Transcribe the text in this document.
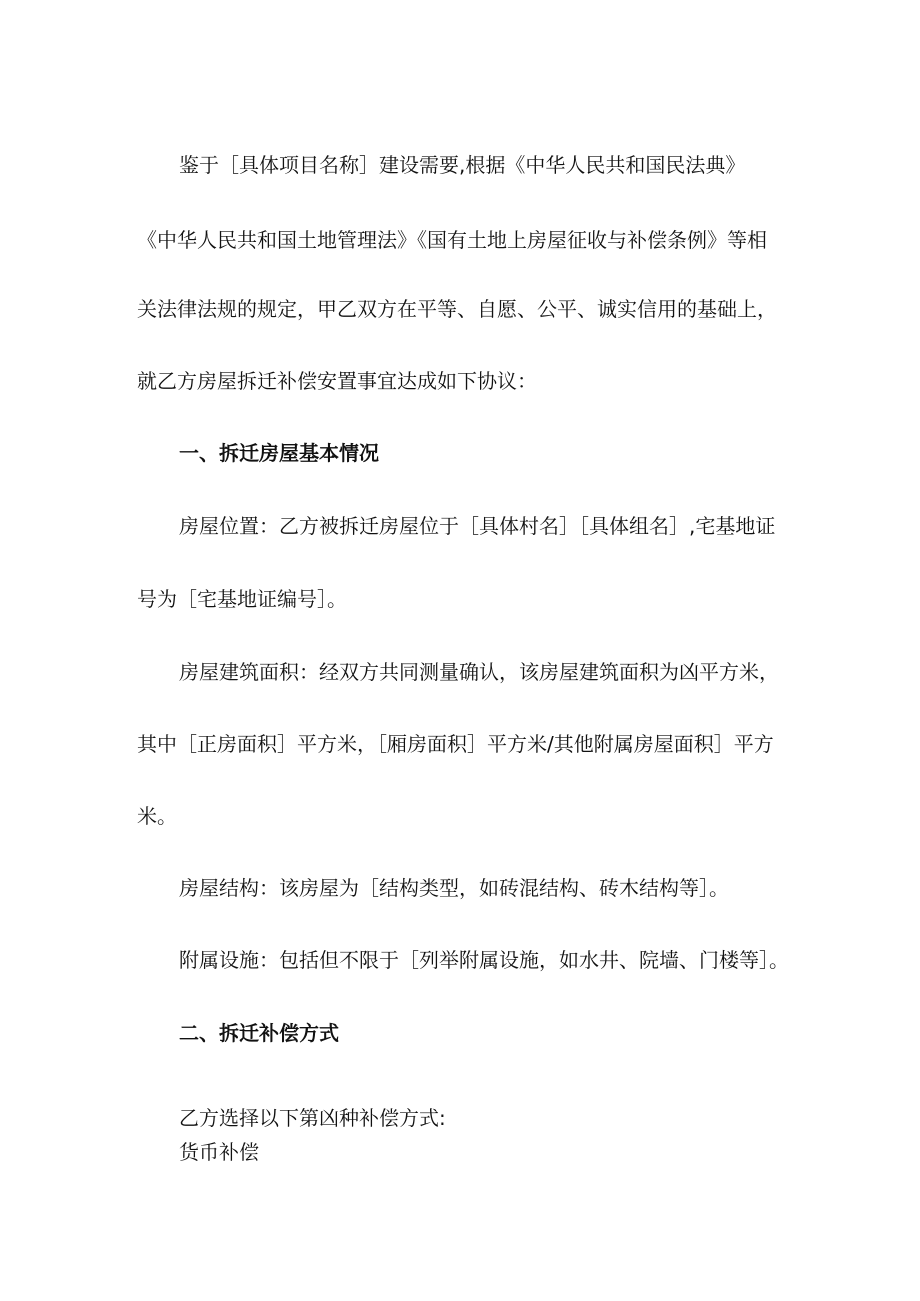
鉴于［具体项目名称］建设需要,根据《中华人民共和国民法典》
《中华人民共和国土地管理法》《国有土地上房屋征收与补偿条例》等相
关法律法规的规定，甲乙双方在平等、自愿、公平、诚实信用的基础上，
就乙方房屋拆迁补偿安置事宜达成如下协议：
一、拆迁房屋基本情况
房屋位置：乙方被拆迁房屋位于［具体村名］［具体组名］,宅基地证
号为［宅基地证编号］。
房屋建筑面积：经双方共同测量确认，该房屋建筑面积为凶平方米，
其中［正房面积］平方米，［厢房面积］平方米/其他附属房屋面积］平方
米。
房屋结构：该房屋为［结构类型，如砖混结构、砖木结构等］。
附属设施：包括但不限于［列举附属设施，如水井、院墙、门楼等］。
二、拆迁补偿方式
乙方选择以下第凶种补偿方式:
货币补偿
